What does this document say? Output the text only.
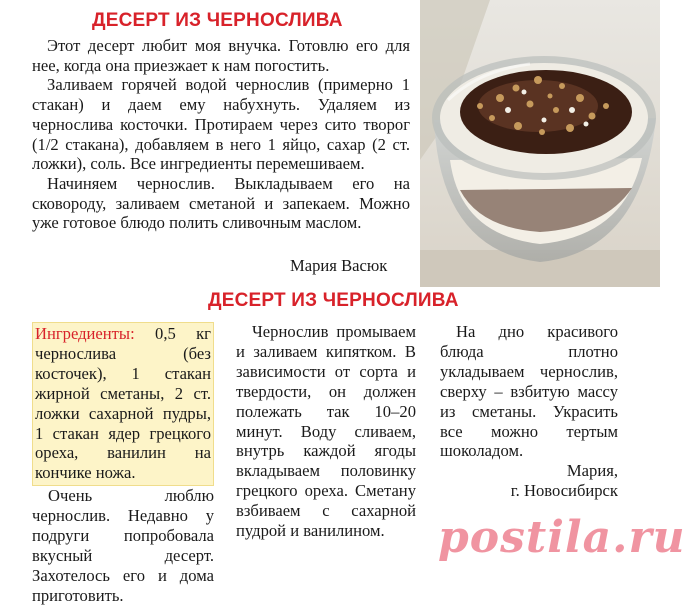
ДЕСЕРТ ИЗ ЧЕРНОСЛИВА

Этот десерт любит моя внучка. Готовлю его для нее, когда она приезжает к нам погостить.

Заливаем горячей водой чернослив (примерно 1 стакан) и даем ему набухнуть. Удаляем из чернослива косточки. Протираем через сито творог (1/2 стакана), добавляем в него 1 яйцо, сахар (2 ст. ложки), соль. Все ингредиенты перемешиваем.

Начиняем чернослив. Выкладываем его на сковороду, заливаем сметаной и запекаем. Можно уже готовое блюдо полить сливочным маслом.

Мария Васюк
ДЕСЕРТ ИЗ ЧЕРНОСЛИВА

Ингредиенты: 0,5 кг чернослива (без косточек), 1 стакан жирной сметаны, 2 ст. ложки сахарной пудры, 1 стакан ядер грецкого ореха, ванилин на кончике ножа.

Очень люблю чернослив. Недавно у подруги попробовала вкусный десерт. Захотелось его и дома приготовить.

Чернослив промываем и заливаем кипятком. В зависимости от сорта и твердости, он должен полежать так 10–20 минут. Воду сливаем, внутрь каждой ягоды вкладываем половинку грецкого ореха. Сметану взбиваем с сахарной пудрой и ванилином.

На дно красивого блюда плотно укладываем чернослив, сверху – взбитую массу из сметаны. Украсить все можно тертым шоколадом.

Мария,

г. Новосибирск

postila.ru
